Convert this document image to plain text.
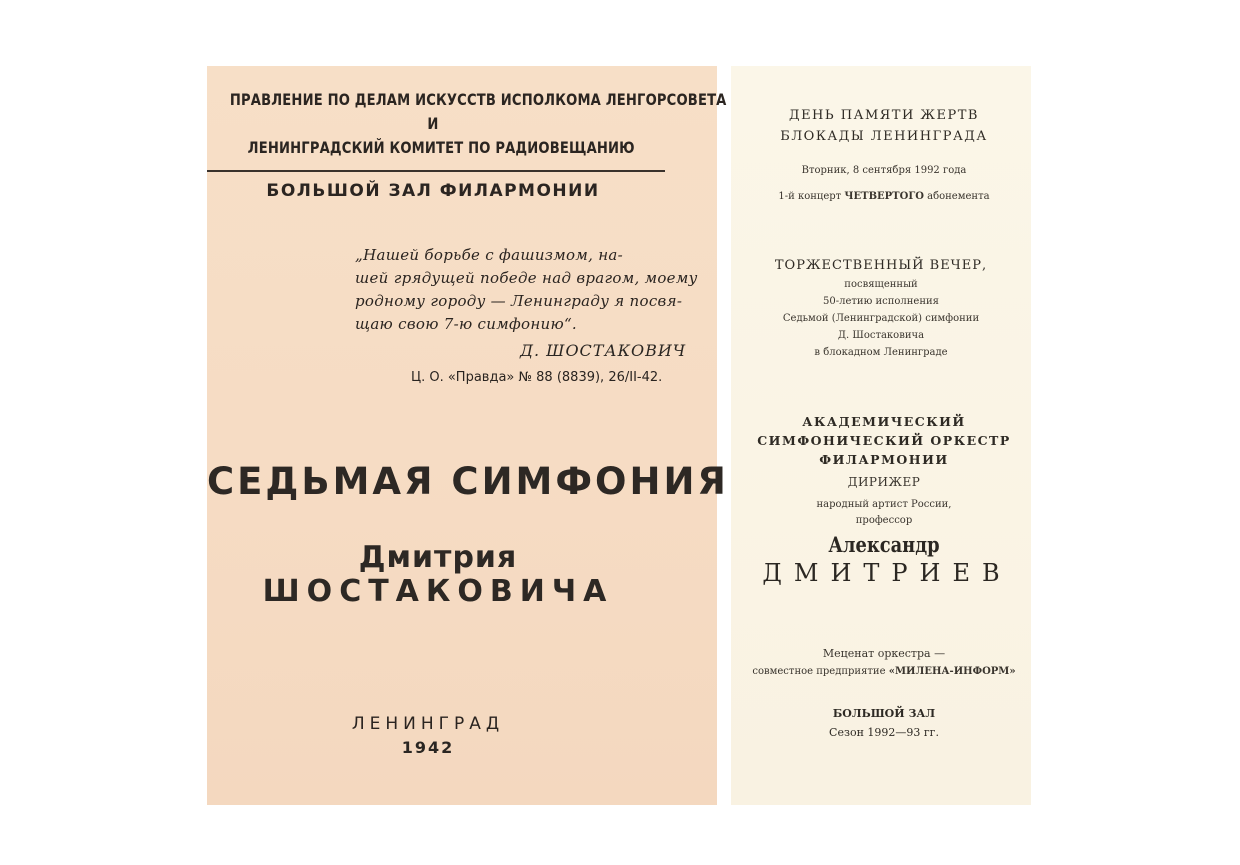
ПРАВЛЕНИЕ ПО ДЕЛАМ ИСКУССТВ ИСПОЛКОМА ЛЕНГОРСОВЕТА
И
ЛЕНИНГРАДСКИЙ КОМИТЕТ ПО РАДИОВЕЩАНИЮ
БОЛЬШОЙ ЗАЛ ФИЛАРМОНИИ
„Нашей борьбе с фашизмом, на-
шей грядущей победе над врагом, моему
родному городу — Ленинграду я посвя-
щаю свою 7-ю симфонию“.
Д. ШОСТАКОВИЧ
Ц. О. «Правда» № 88 (8839), 26/II-42.
СЕДЬМАЯ СИМФОНИЯ
Дмитрия
ШОСТАКОВИЧА
ЛЕНИНГРАД
1942
ДЕНЬ ПАМЯТИ ЖЕРТВ
БЛОКАДЫ ЛЕНИНГРАДА
Вторник, 8 сентября 1992 года
1-й концерт ЧЕТВЕРТОГО абонемента
ТОРЖЕСТВЕННЫЙ ВЕЧЕР,
посвященный
50-летию исполнения
Седьмой (Ленинградской) симфонии
Д. Шостаковича
в блокадном Ленинграде
АКАДЕМИЧЕСКИЙ
СИМФОНИЧЕСКИЙ ОРКЕСТР
ФИЛАРМОНИИ
ДИРИЖЕР
народный артист России,
профессор
Александр
ДМИТРИЕВ
Меценат оркестра —
совместное предприятие «МИЛЕНА-ИНФОРМ»
БОЛЬШОЙ ЗАЛ
Сезон 1992—93 гг.
